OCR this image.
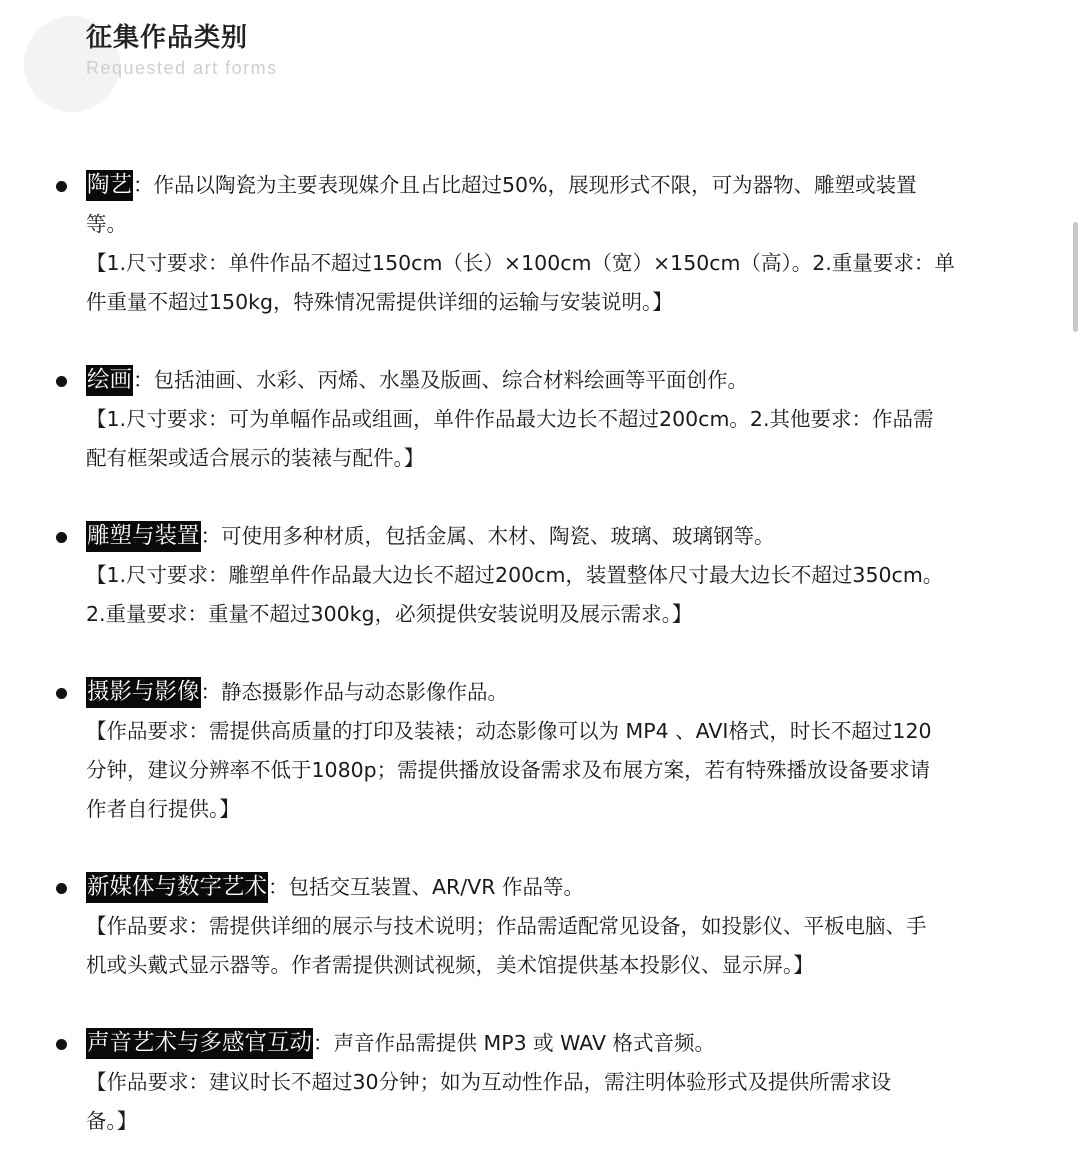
征集作品类别
Requested art forms
陶艺：作品以陶瓷为主要表现媒介且占比超过50%，展现形式不限，可为器物、雕塑或装置
等。
【1.尺寸要求：单件作品不超过150cm（长）×100cm（宽）×150cm（高）。2.重量要求：单
件重量不超过150kg，特殊情况需提供详细的运输与安装说明。】
绘画：包括油画、水彩、丙烯、水墨及版画、综合材料绘画等平面创作。
【1.尺寸要求：可为单幅作品或组画，单件作品最大边长不超过200cm。2.其他要求：作品需
配有框架或适合展示的装裱与配件。】
雕塑与装置：可使用多种材质，包括金属、木材、陶瓷、玻璃、玻璃钢等。
【1.尺寸要求：雕塑单件作品最大边长不超过200cm，装置整体尺寸最大边长不超过350cm。
2.重量要求：重量不超过300kg，必须提供安装说明及展示需求。】
摄影与影像：静态摄影作品与动态影像作品。
【作品要求：需提供高质量的打印及装裱；动态影像可以为 MP4 、AVI格式，时长不超过120
分钟，建议分辨率不低于1080p；需提供播放设备需求及布展方案，若有特殊播放设备要求请
作者自行提供。】
新媒体与数字艺术：包括交互装置、AR/VR 作品等。
【作品要求：需提供详细的展示与技术说明；作品需适配常见设备，如投影仪、平板电脑、手
机或头戴式显示器等。作者需提供测试视频，美术馆提供基本投影仪、显示屏。】
声音艺术与多感官互动：声音作品需提供 MP3 或 WAV 格式音频。
【作品要求：建议时长不超过30分钟；如为互动性作品，需注明体验形式及提供所需求设
备。】
